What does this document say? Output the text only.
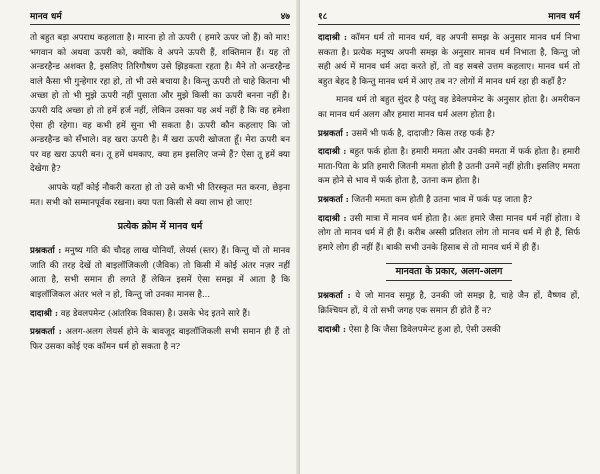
मानव धर्म	४७

तो बहुत बड़ा अपराध कहलाता है। मारना हो तो ऊपरी ( हमारे ऊपर जो हैं) को मार! भगवान को अथवा ऊपरी को, क्योंकि वे अपने ऊपरी हैं, शक्तिमान हैं। यह तो अन्डरहैन्ड अशक्त है, इसलिए तिरिगौषण उसे झिड़कता रहता है। मैने तो अन्डरहैन्ड वाले कैसा भी गुन्हेगार रहा हो, तो भी उसे बचाया है। किन्तु ऊपरी तो चाहे कितना भी अच्छा हो तो भी मुझे ऊपरी नहीं पुसाता और मुझे किसी का ऊपरी बनना नहीं है। ऊपरी यदि अच्छा हो तो हमें हर्ज नहीं, लेकिन उसका यह अर्थ नहीं है कि वह हमेशा ऐसा ही रहेगा। वह कभी हमें सुना भी सकता है। ऊपरी कौन कहलाए कि जो अन्डरहैन्ड को सँभाले। वह खरा ऊपरी है। मैं खरा ऊपरी खोजता हूँ। मेरा ऊपरी बन पर वह खरा ऊपरी बन। तू हमें धमकाए, क्या हम इसलिए जन्मे हैं? ऐसा तू हमें क्या देखेगा है?

आपके यहाँ कोई नौकरी करता हो तो उसे कभी भी तिरस्कृत मत करना, छेड़ना मत। सभी को सम्मानपूर्वक रखना। क्या पता किसी से क्या लाभ हो जाए!

प्रत्येक क्रोम में मानव धर्म

प्रश्नकर्ता : मनुष्य गति की चौदह लाख योनियाँ, लेयर्स (स्तर) हैं। किन्तु यों तो मानव जाति की तरह देखें तो बाइलॉजिकली (जैविक) तो किसी में कोई अंतर नज़र नहीं आता है, सभी समान ही लगते हैं लेकिन इसमें ऐसा समझ में आता है कि बाइलॉजिकल अंतर भले न हो, किन्तु जो उनका मानस है...

दादाश्री : वह डेवलपमेन्ट (आंतरिक विकास) है। उसके भेद इतने सारे हैं।

प्रश्नकर्ता : अलग-अलग लेयर्स होने के बावजूद बाइलॉजिकली सभी समान ही हैं तो फिर उसका कोई एक कॉमन धर्म हो सकता है न?

१८	मानव धर्म

दादाश्री : कॉमन धर्म तो मानव धर्म, वह अपनी समझ के अनुसार मानव धर्म निभा सकता है। प्रत्येक मनुष्य अपनी समझ के अनुसार मानव धर्म निभाता है, किन्तु जो सही अर्थ में मानव धर्म अदा करते हों, तो वह सबसे उत्तम कहलाए। मानव धर्म तो बहुत बेहद है किन्तु मानव धर्म में आए तब न? लोगों में मानव धर्म रहा ही कहाँ है?

मानव धर्म तो बहुत सुंदर है परंतु वह डेवेलपमेन्ट के अनुसार होता है। अमरीकन का मानव धर्म अलग और हमारा मानव धर्म अलग होता है।

प्रश्नकर्ता : उसमें भी फर्क है, दादाजी? किस तरह फर्क है?

दादाश्री : बहुत फर्क होता है। हमारी ममता और उनकी ममता में फर्क होता है। हमारी माता-पिता के प्रति हमारी जितनी ममता होती है उतनी उनमें नहीं होती। इसलिए ममता कम होने से भाव में फर्क होता है, उतना कम होता है।

प्रश्नकर्ता : जितनी ममता कम होती है उतना भाव में फर्क पड़ जाता है?

दादाश्री : उसी मात्रा में मानव धर्म होता है। अतः हमारे जैसा मानव धर्म नहीं होता। वे लोग तो मानव धर्म में ही हैं। करीब अस्सी प्रतिशत लोग तो मानव धर्म में ही हैं, सिर्फ हमारे लोग ही नहीं हैं। बाकी सभी उनके हिसाब से तो मानव धर्म में ही हैं।

मानवता के प्रकार, अलग-अलग

प्रश्नकर्ता : ये जो मानव समूह है, उनकी जो समझ है, चाहे जैन हों, वैष्णव हों, क्रिश्चियन हों, ये तो सभी जगह एक समान ही होते हैं न?

दादाश्री : ऐसा है कि जैसा डिवेलपमेन्ट हुआ हो, ऐसी उसकी
